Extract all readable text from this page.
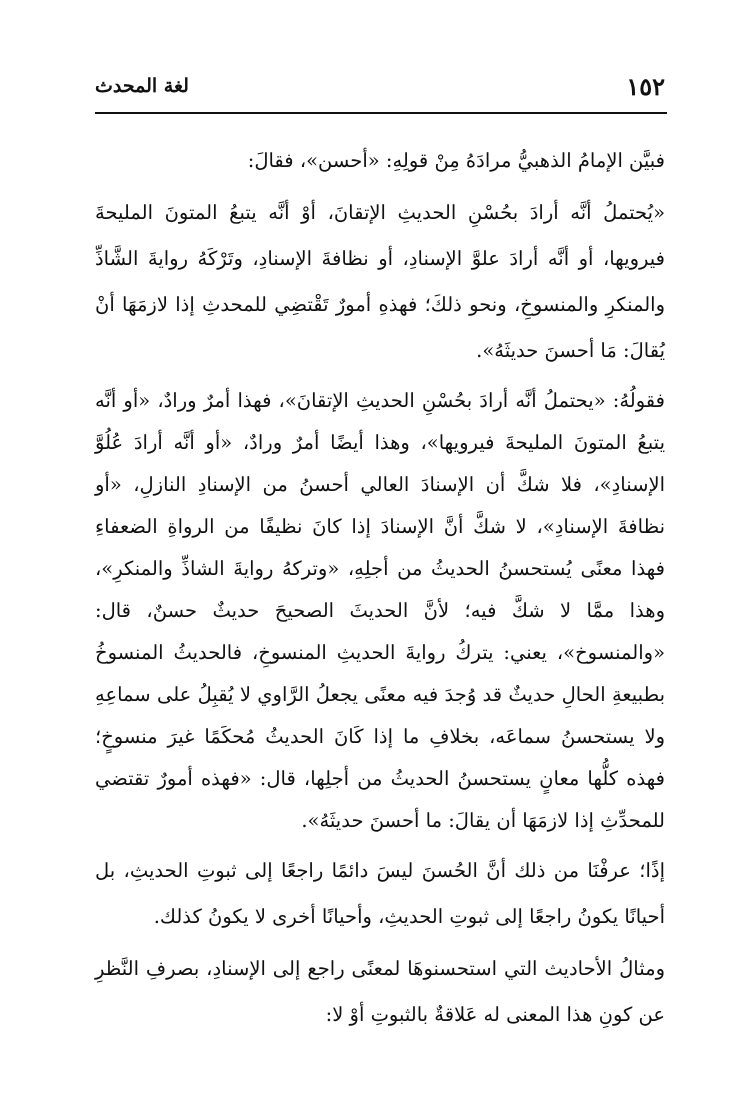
١٥٢
لغة المحدث

فبيَّن الإمامُ الذهبيُّ مرادَهُ مِنْ قولِهِ: «أحسن»، فقالَ:

«يُحتملُ أنَّه أرادَ بحُسْنِ الحديثِ الإتقانَ، أوْ أنَّه يتبعُ المتونَ المليحةَ فيرويها، أو أنَّه أرادَ علوَّ الإسنادِ، أو نظافةَ الإسنادِ، وتَرْكَهُ روايةَ الشَّاذِّ والمنكرِ والمنسوخِ، ونحو ذلكَ؛ فهذهِ أمورٌ تَقْتضِي للمحدثِ إذا لازمَهَا أنْ يُقالَ: مَا أحسنَ حديثَهُ».

فقولُهُ: «يحتملُ أنَّه أرادَ بحُسْنِ الحديثِ الإتقانَ»، فهذا أمرٌ ورادٌ، «أو أنَّه يتبعُ المتونَ المليحةَ فيرويها»، وهذا أيضًا أمرٌ ورادٌ، «أو أنَّه أرادَ عُلُوَّ الإسنادِ»، فلا شكَّ أن الإسنادَ العالي أحسنُ من الإسنادِ النازلِ، «أو نظافةَ الإسنادِ»، لا شكَّ أنَّ الإسنادَ إذا كانَ نظيفًا من الرواةِ الضعفاءِ فهذا معنًى يُستحسنُ الحديثُ من أجلِهِ، «وتركهُ روايةَ الشاذِّ والمنكرِ»، وهذا ممَّا لا شكَّ فيه؛ لأنَّ الحديثَ الصحيحَ حديثٌ حسنٌ، قال: «والمنسوخ»، يعني: يتركُ روايةَ الحديثِ المنسوخِ، فالحديثُ المنسوخُ بطبيعةِ الحالِ حديثٌ قد وُجدَ فيه معنًى يجعلُ الرَّاوي لا يُقبِلُ على سماعِهِ ولا يستحسنُ سماعَه، بخلافِ ما إذا كَانَ الحديثُ مُحكَمًا غيرَ منسوخٍ؛ فهذه كلُّها معانٍ يستحسنُ الحديثُ من أجلِها، قال: «فهذه أمورٌ تقتضي للمحدِّثِ إذا لازمَهَا أن يقالَ: ما أحسنَ حديثَهُ».

إذًا؛ عرفْنَا من ذلك أنَّ الحُسنَ ليسَ دائمًا راجعًا إلى ثبوتِ الحديثِ، بل أحيانًا يكونُ راجعًا إلى ثبوتِ الحديثِ، وأحيانًا أخرى لا يكونُ كذلك.

ومثالُ الأحاديث التي استحسنوهَا لمعنًى راجع إلى الإسنادِ، بصرفِ النَّظرِ عن كونِ هذا المعنى له عَلاقةٌ بالثبوتِ أوْ لا:
